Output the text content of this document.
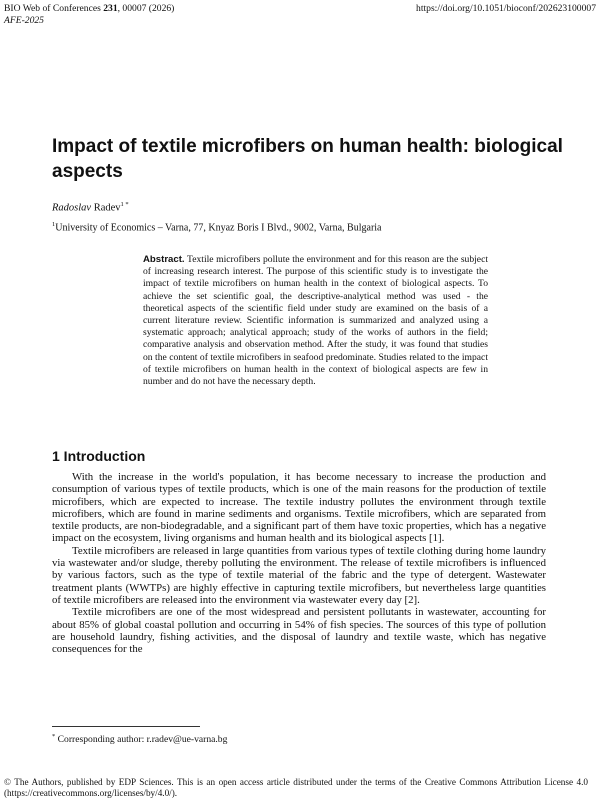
BIO Web of Conferences 231, 00007 (2026)	https://doi.org/10.1051/bioconf/202623100007
AFE-2025
Impact of textile microfibers on human health: biological aspects
Radoslav Radev$^{1 *}$
$^1$University of Economics – Varna, 77, Knyaz Boris I Blvd., 9002, Varna, Bulgaria

Abstract. Textile microfibers pollute the environment and for this reason are the subject of increasing research interest. The purpose of this scientific study is to investigate the impact of textile microfibers on human health in the context of biological aspects. To achieve the set scientific goal, the descriptive-analytical method was used - the theoretical aspects of the scientific field under study are examined on the basis of a current literature review. Scientific information is summarized and analyzed using a systematic approach; analytical approach; study of the works of authors in the field; comparative analysis and observation method. After the study, it was found that studies on the content of textile microfibers in seafood predominate. Studies related to the impact of textile microfibers on human health in the context of biological aspects are few in number and do not have the necessary depth.

1 Introduction

With the increase in the world's population, it has become necessary to increase the production and consumption of various types of textile products, which is one of the main reasons for the production of textile microfibers, which are expected to increase. The textile industry pollutes the environment through textile microfibers, which are found in marine sediments and organisms. Textile microfibers, which are separated from textile products, are non-biodegradable, and a significant part of them have toxic properties, which has a negative impact on the ecosystem, living organisms and human health and its biological aspects [1].

Textile microfibers are released in large quantities from various types of textile clothing during home laundry via wastewater and/or sludge, thereby polluting the environment. The release of textile microfibers is influenced by various factors, such as the type of textile material of the fabric and the type of detergent. Wastewater treatment plants (WWTPs) are highly effective in capturing textile microfibers, but nevertheless large quantities of textile microfibers are released into the environment via wastewater every day [2].

Textile microfibers are one of the most widespread and persistent pollutants in wastewater, accounting for about 85% of global coastal pollution and occurring in 54% of fish species. The sources of this type of pollution are household laundry, fishing activities, and the disposal of laundry and textile waste, which has negative consequences for the

* Corresponding author: r.radev@ue-varna.bg

© The Authors, published by EDP Sciences. This is an open access article distributed under the terms of the Creative Commons Attribution License 4.0 (https://creativecommons.org/licenses/by/4.0/).
